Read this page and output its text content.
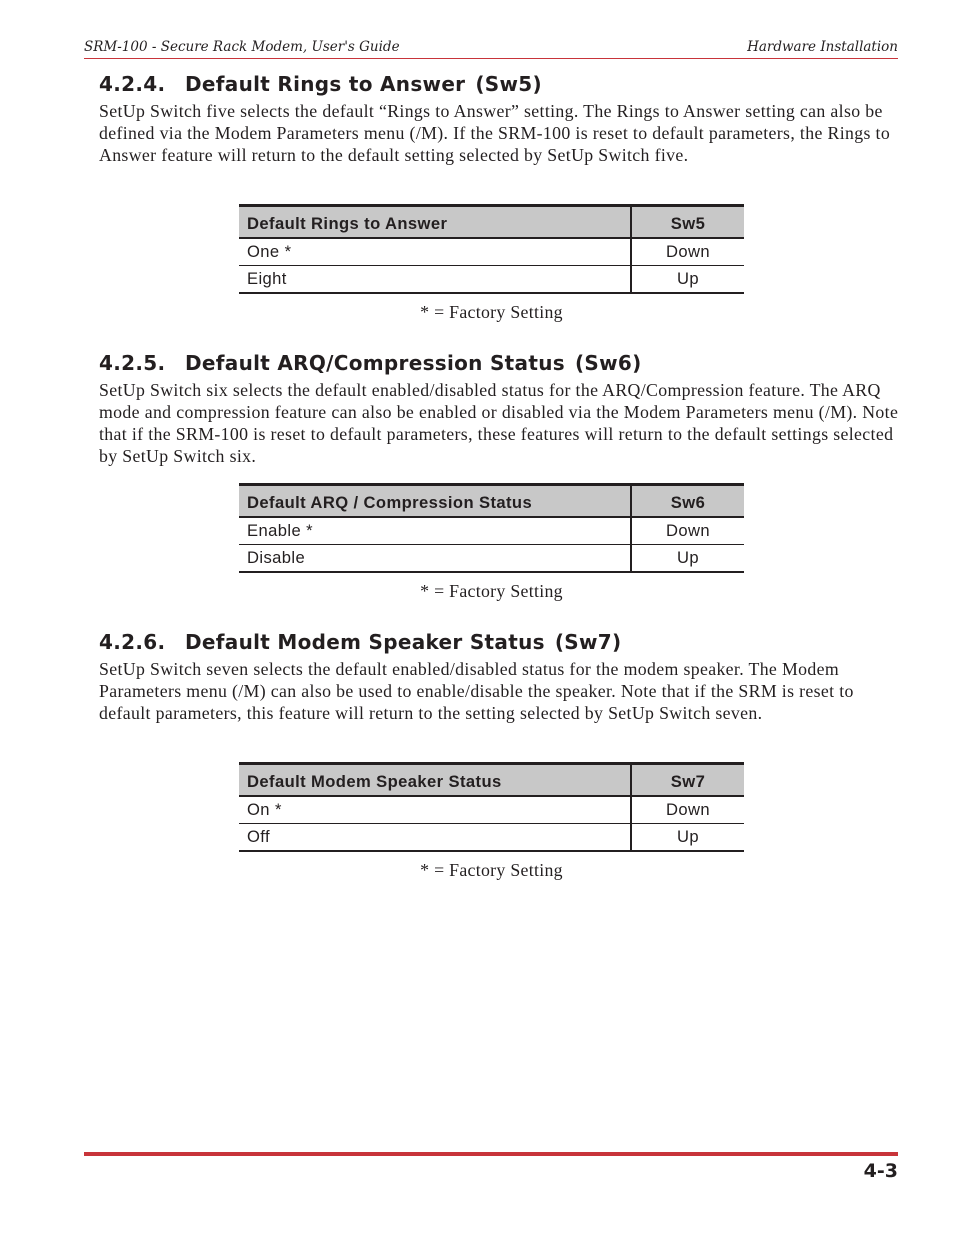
SRM-100 - Secure Rack Modem, User's Guide	Hardware Installation
4.2.4. Default Rings to Answer (Sw5)

SetUp Switch five selects the default “Rings to Answer” setting. The Rings to Answer setting can also be defined via the Modem Parameters menu (/M). If the SRM-100 is reset to default parameters, the Rings to Answer feature will return to the default setting selected by SetUp Switch five.

Default Rings to Answer	Sw5
One *	Down
Eight	Up
* = Factory Setting
4.2.5. Default ARQ/Compression Status (Sw6)

SetUp Switch six selects the default enabled/disabled status for the ARQ/Compression feature. The ARQ mode and compression feature can also be enabled or disabled via the Modem Parameters menu (/M). Note that if the SRM-100 is reset to default parameters, these features will return to the default settings selected by SetUp Switch six.

Default ARQ / Compression Status	Sw6
Enable *	Down
Disable	Up
* = Factory Setting
4.2.6. Default Modem Speaker Status (Sw7)

SetUp Switch seven selects the default enabled/disabled status for the modem speaker. The Modem Parameters menu (/M) can also be used to enable/disable the speaker. Note that if the SRM is reset to default parameters, this feature will return to the setting selected by SetUp Switch seven.

Default Modem Speaker Status	Sw7
On *	Down
Off	Up
* = Factory Setting
4-3
